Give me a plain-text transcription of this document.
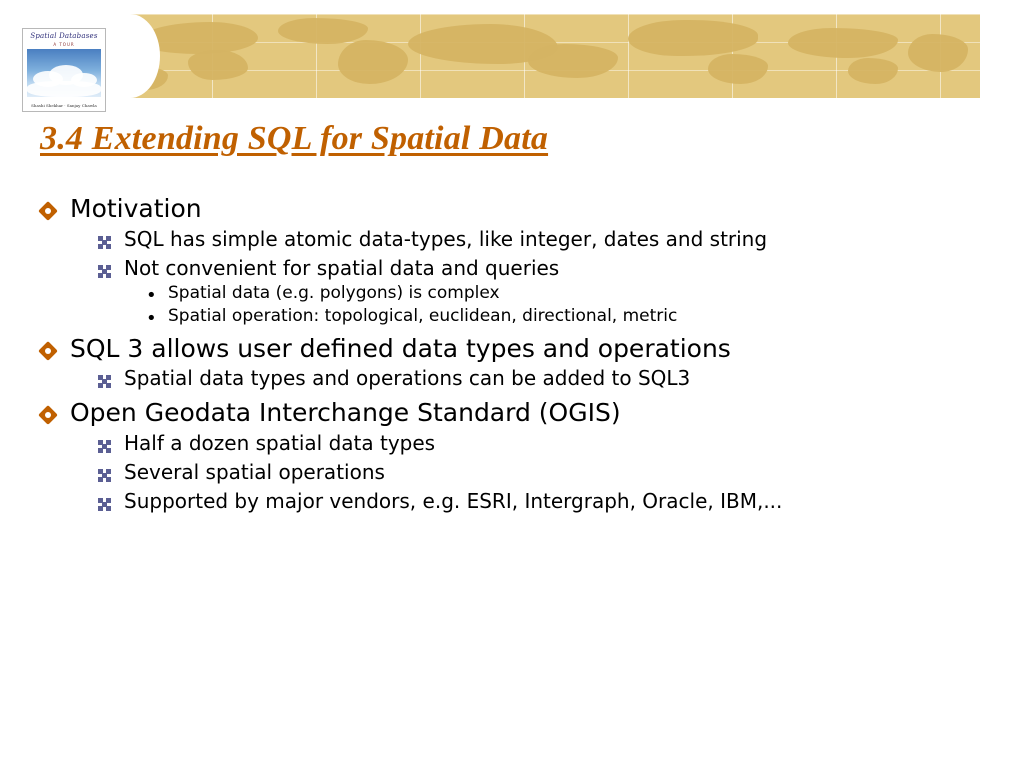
Spatial Databases
A TOUR
Shashi Shekhar · Sanjay Chawla
3.4 Extending SQL for Spatial Data
Motivation
SQL has simple atomic data-types, like integer, dates and string
Not convenient for spatial data and queries
• Spatial data (e.g. polygons) is complex
• Spatial operation: topological, euclidean, directional, metric
SQL 3 allows user defined data types and operations
Spatial data types and operations can be added to SQL3
Open Geodata Interchange Standard (OGIS)
Half a dozen spatial data types
Several spatial operations
Supported by major vendors, e.g. ESRI, Intergraph, Oracle, IBM,...
